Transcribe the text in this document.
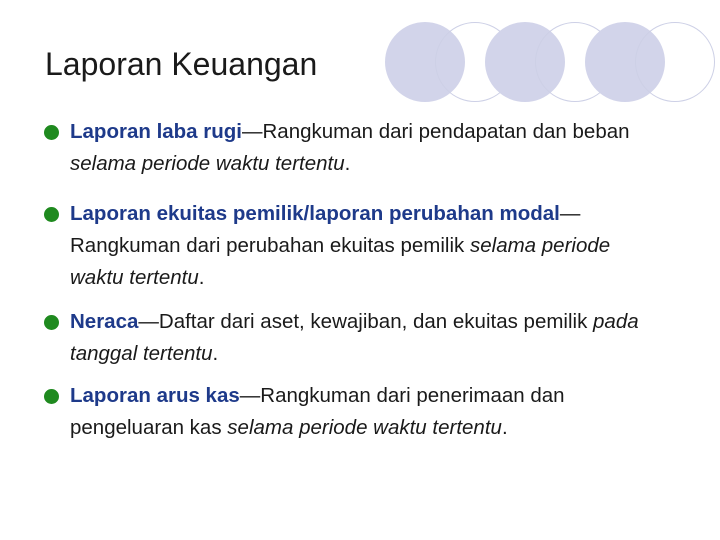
Laporan Keuangan
Laporan laba rugi—Rangkuman dari pendapatan dan beban selama periode waktu tertentu.
Laporan ekuitas pemilik/laporan perubahan modal—Rangkuman dari perubahan ekuitas pemilik selama periode waktu tertentu.
Neraca—Daftar dari aset, kewajiban, dan ekuitas pemilik pada tanggal tertentu.
Laporan arus kas—Rangkuman dari penerimaan dan pengeluaran kas selama periode waktu tertentu.
